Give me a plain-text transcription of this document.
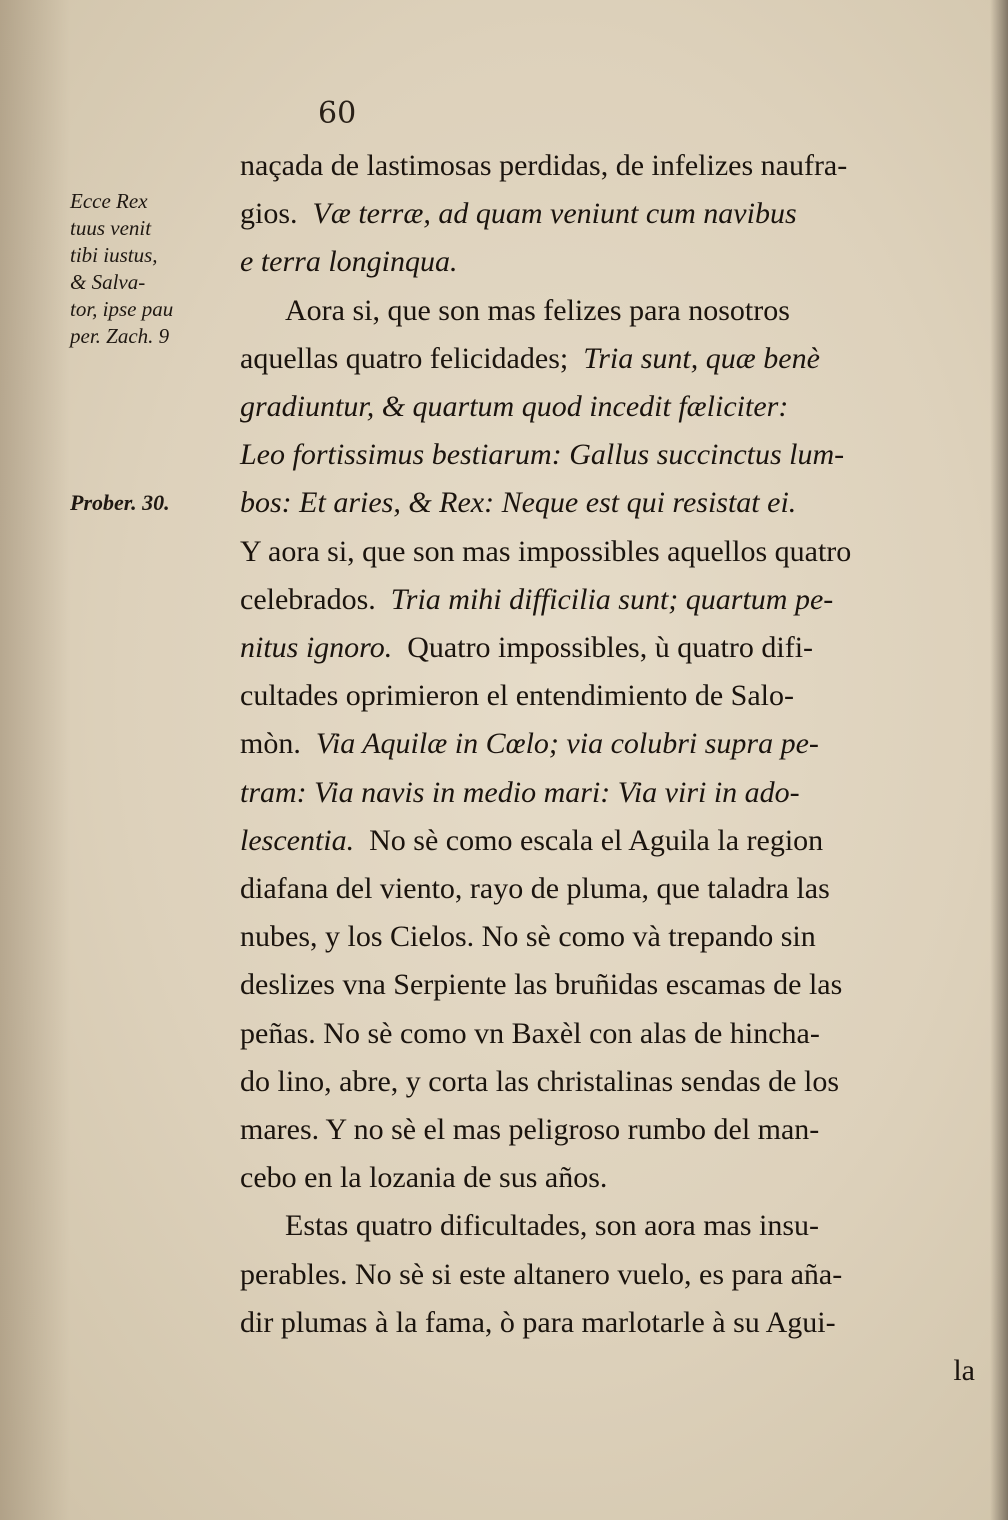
60
Ecce Rex
tuus venit
tibi iustus,
& Salva-
tor, ipse pau
per. Zach. 9
Prober. 30.
naçada de lastimosas perdidas, de infelizes naufra-
gios.
Væ terræ, ad quam veniunt cum navibus
e terra longinqua.
Aora si, que son mas felizes para nosotros
aquellas quatro felicidades;
Tria sunt, quæ benè
gradiuntur, & quartum quod incedit fæliciter:
Leo fortissimus bestiarum: Gallus succinctus lum-
bos: Et aries, & Rex: Neque est qui resistat ei.
Y aora si, que son mas impossibles aquellos quatro
celebrados.
Tria mihi difficilia sunt; quartum pe-
nitus ignoro.
Quatro impossibles, ù quatro difi-
cultades oprimieron el entendimiento de Salo-
mòn.
Via Aquilæ in Cœlo; via colubri supra pe-
tram: Via navis in medio mari: Via viri in ado-
lescentia.
No sè como escala el Aguila la region
diafana del viento, rayo de pluma, que taladra las
nubes, y los Cielos. No sè como và trepando sin
deslizes vna Serpiente las bruñidas escamas de las
peñas. No sè como vn Baxèl con alas de hincha-
do lino, abre, y corta las christalinas sendas de los
mares. Y no sè el mas peligroso rumbo del man-
cebo en la lozania de sus años.
Estas quatro dificultades, son aora mas insu-
perables. No sè si este altanero vuelo, es para aña-
dir plumas à la fama, ò para marlotarle à su Agui-
la
